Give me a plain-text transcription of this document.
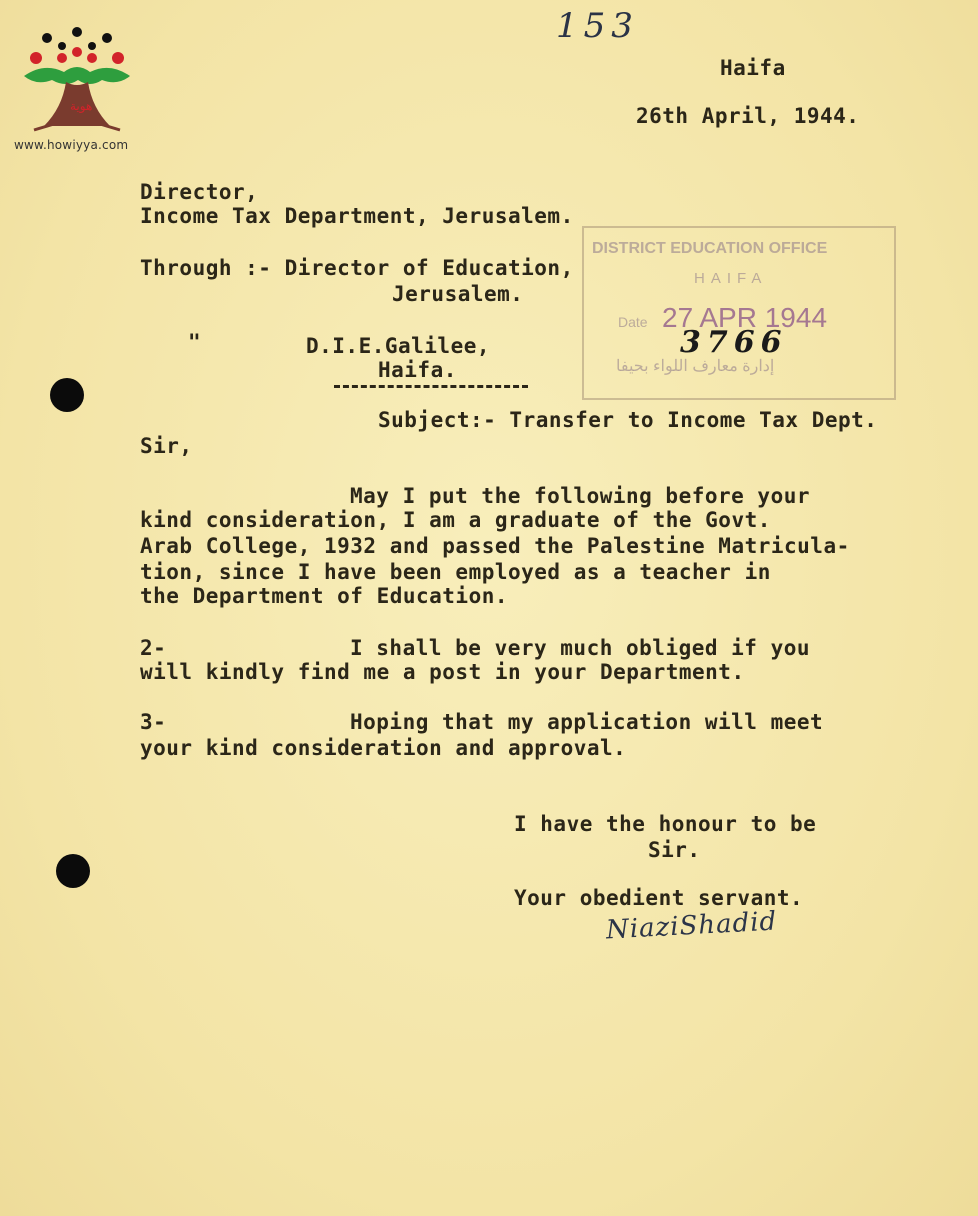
هوية
www.howiyya.com
153
Haifa
26th April, 1944.
Director,
Income Tax Department, Jerusalem.
Through :- Director of Education,
Jerusalem.
"	D.I.E.Galilee,
Haifa.
DISTRICT EDUCATION OFFICE
HAIFA
Date 27 APR 1944
إدارة معارف اللواء بحيفا
3766
Subject:- Transfer to Income Tax Dept.
Sir,
May I put the following before your
kind consideration, I am a graduate of the Govt.
Arab College, 1932 and passed the Palestine Matricula-
tion, since I have been employed as a teacher in
the Department of Education.
2-	I shall be very much obliged if you
will kindly find me a post in your Department.
3-	Hoping that my application will meet
your kind consideration and approval.
I have the honour to be
Sir.
Your obedient servant.
NiaziShadid
